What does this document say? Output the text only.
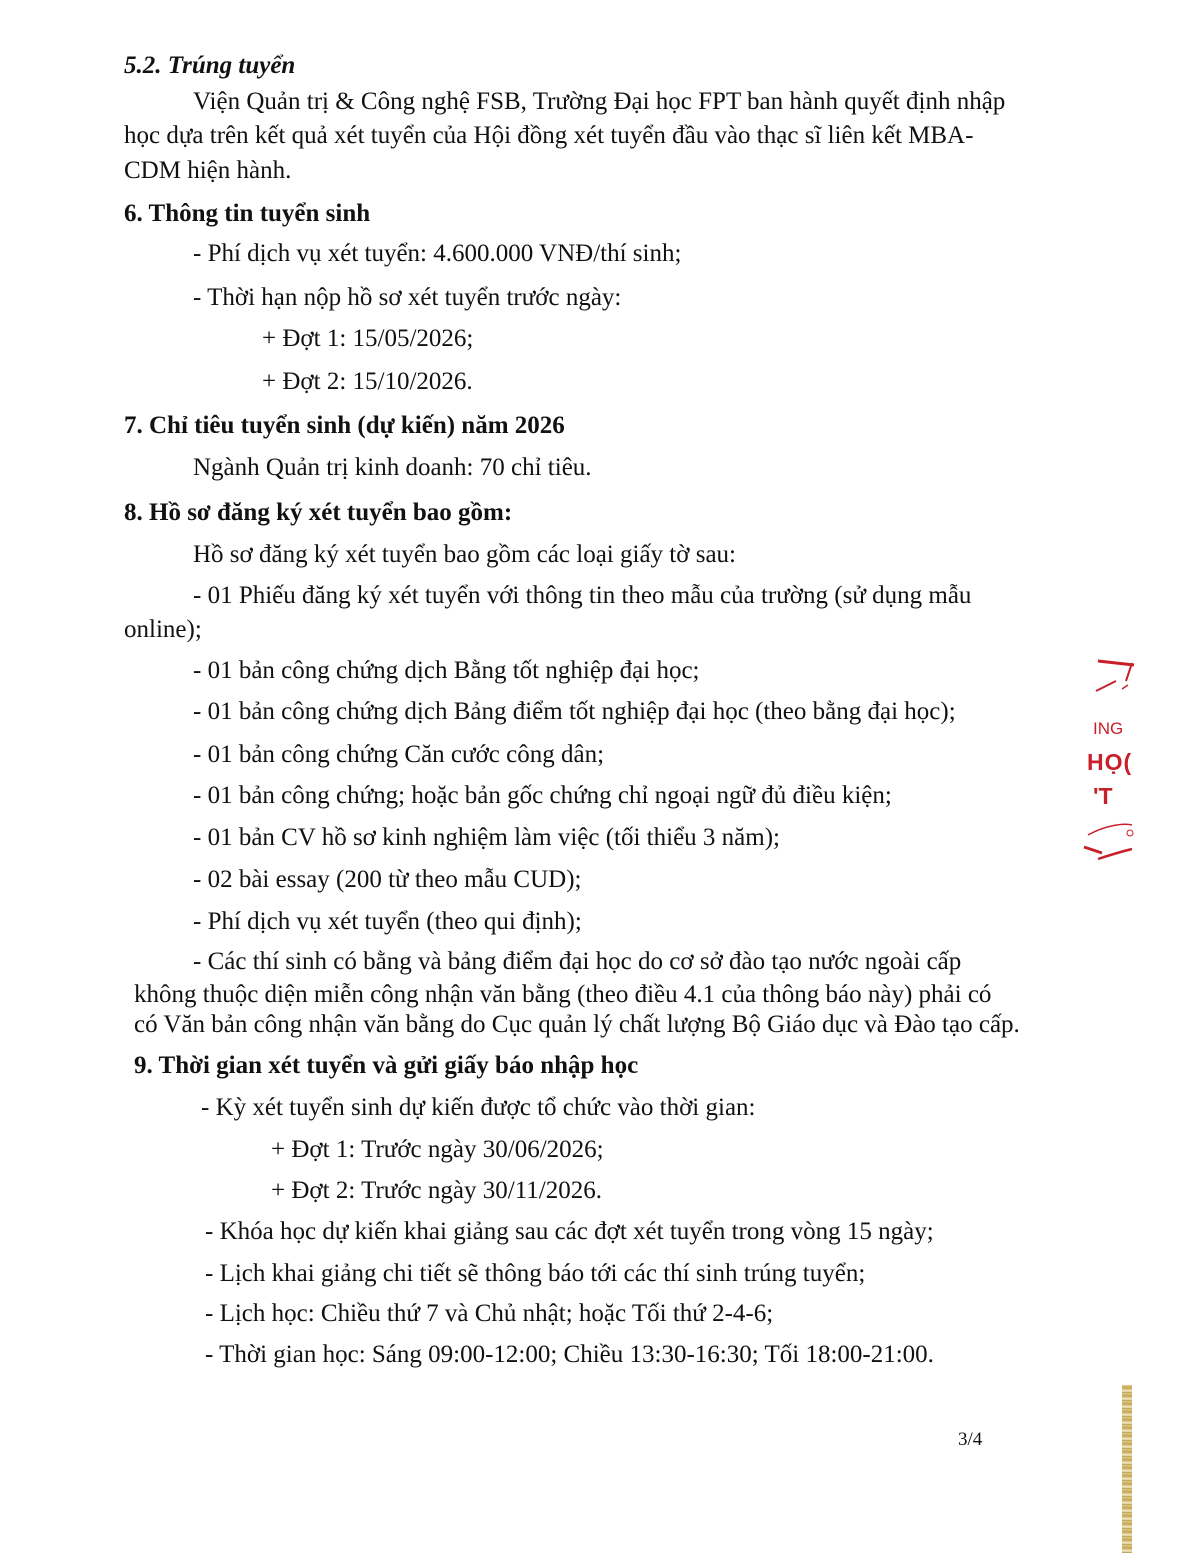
5.2. Trúng tuyển
Viện Quản trị & Công nghệ FSB, Trường Đại học FPT ban hành quyết định nhập
học dựa trên kết quả xét tuyển của Hội đồng xét tuyển đầu vào thạc sĩ liên kết MBA-
CDM hiện hành.
6. Thông tin tuyển sinh
- Phí dịch vụ xét tuyển: 4.600.000 VNĐ/thí sinh;
- Thời hạn nộp hồ sơ xét tuyển trước ngày:
+ Đợt 1: 15/05/2026;
+ Đợt 2: 15/10/2026.
7. Chỉ tiêu tuyển sinh (dự kiến) năm 2026
Ngành Quản trị kinh doanh: 70 chỉ tiêu.
8. Hồ sơ đăng ký xét tuyển bao gồm:
Hồ sơ đăng ký xét tuyển bao gồm các loại giấy tờ sau:
- 01 Phiếu đăng ký xét tuyển với thông tin theo mẫu của trường (sử dụng mẫu
online);
- 01 bản công chứng dịch Bằng tốt nghiệp đại học;
- 01 bản công chứng dịch Bảng điểm tốt nghiệp đại học (theo bằng đại học);
- 01 bản công chứng Căn cước công dân;
- 01 bản công chứng; hoặc bản gốc chứng chỉ ngoại ngữ đủ điều kiện;
- 01 bản CV hồ sơ kinh nghiệm làm việc (tối thiểu 3 năm);
- 02 bài essay (200 từ theo mẫu CUD);
- Phí dịch vụ xét tuyển (theo qui định);
- Các thí sinh có bằng và bảng điểm đại học do cơ sở đào tạo nước ngoài cấp
không thuộc diện miễn công nhận văn bằng (theo điều 4.1 của thông báo này) phải có
có Văn bản công nhận văn bằng do Cục quản lý chất lượng Bộ Giáo dục và Đào tạo cấp.
9. Thời gian xét tuyển và gửi giấy báo nhập học
- Kỳ xét tuyển sinh dự kiến được tổ chức vào thời gian:
+ Đợt 1: Trước ngày 30/06/2026;
+ Đợt 2: Trước ngày 30/11/2026.
- Khóa học dự kiến khai giảng sau các đợt xét tuyển trong vòng 15 ngày;
- Lịch khai giảng chi tiết sẽ thông báo tới các thí sinh trúng tuyển;
- Lịch học: Chiều thứ 7 và Chủ nhật; hoặc Tối thứ 2-4-6;
- Thời gian học: Sáng 09:00-12:00; Chiều 13:30-16:30; Tối 18:00-21:00.
3/4
ING
HỌ(
'T
